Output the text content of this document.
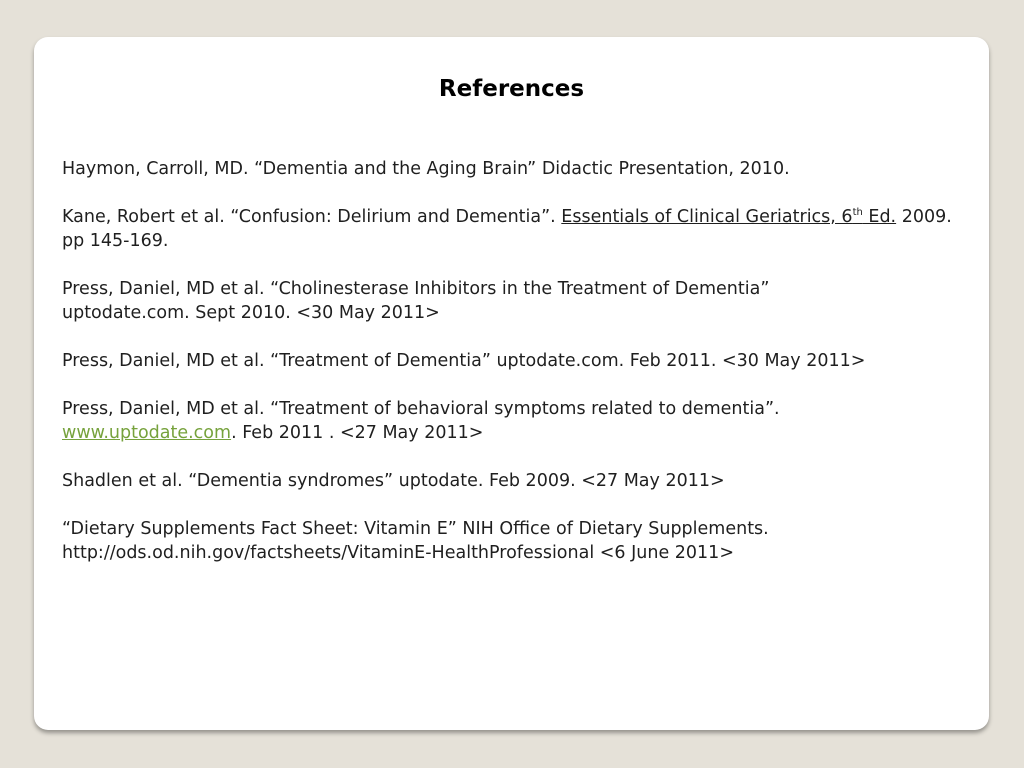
References
Haymon, Carroll, MD. “Dementia and the Aging Brain” Didactic Presentation, 2010.
Kane, Robert et al. “Confusion: Delirium and Dementia”. Essentials of Clinical Geriatrics, 6th Ed. 2009. pp 145-169.
Press, Daniel, MD et al. “Cholinesterase Inhibitors in the Treatment of Dementia”
uptodate.com. Sept 2010. <30 May 2011>
Press, Daniel, MD et al. “Treatment of Dementia” uptodate.com. Feb 2011. <30 May 2011>
Press, Daniel, MD et al. “Treatment of behavioral symptoms related to dementia”.
www.uptodate.com. Feb 2011 . <27 May 2011>
Shadlen et al. “Dementia syndromes” uptodate. Feb 2009. <27 May 2011>
“Dietary Supplements Fact Sheet: Vitamin E” NIH Office of Dietary Supplements.
http://ods.od.nih.gov/factsheets/VitaminE-HealthProfessional <6 June 2011>
